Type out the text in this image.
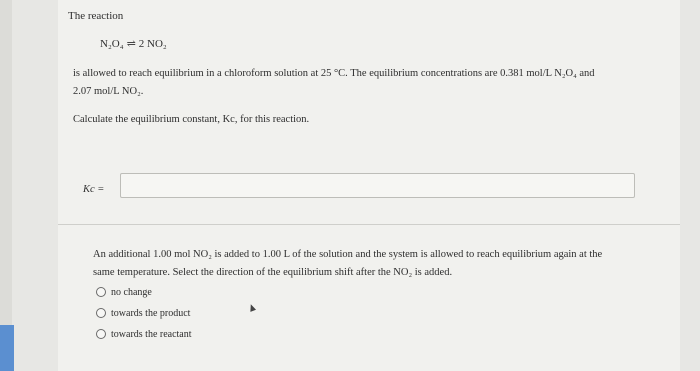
The reaction
N₂O₄ ⇌ 2 NO₂
is allowed to reach equilibrium in a chloroform solution at 25 °C. The equilibrium concentrations are 0.381 mol/L N₂O₄ and
2.07 mol/L NO₂.
Calculate the equilibrium constant, Kc, for this reaction.
Kc =
An additional 1.00 mol NO₂ is added to 1.00 L of the solution and the system is allowed to reach equilibrium again at the
same temperature. Select the direction of the equilibrium shift after the NO₂ is added.
no change
towards the product
towards the reactant
